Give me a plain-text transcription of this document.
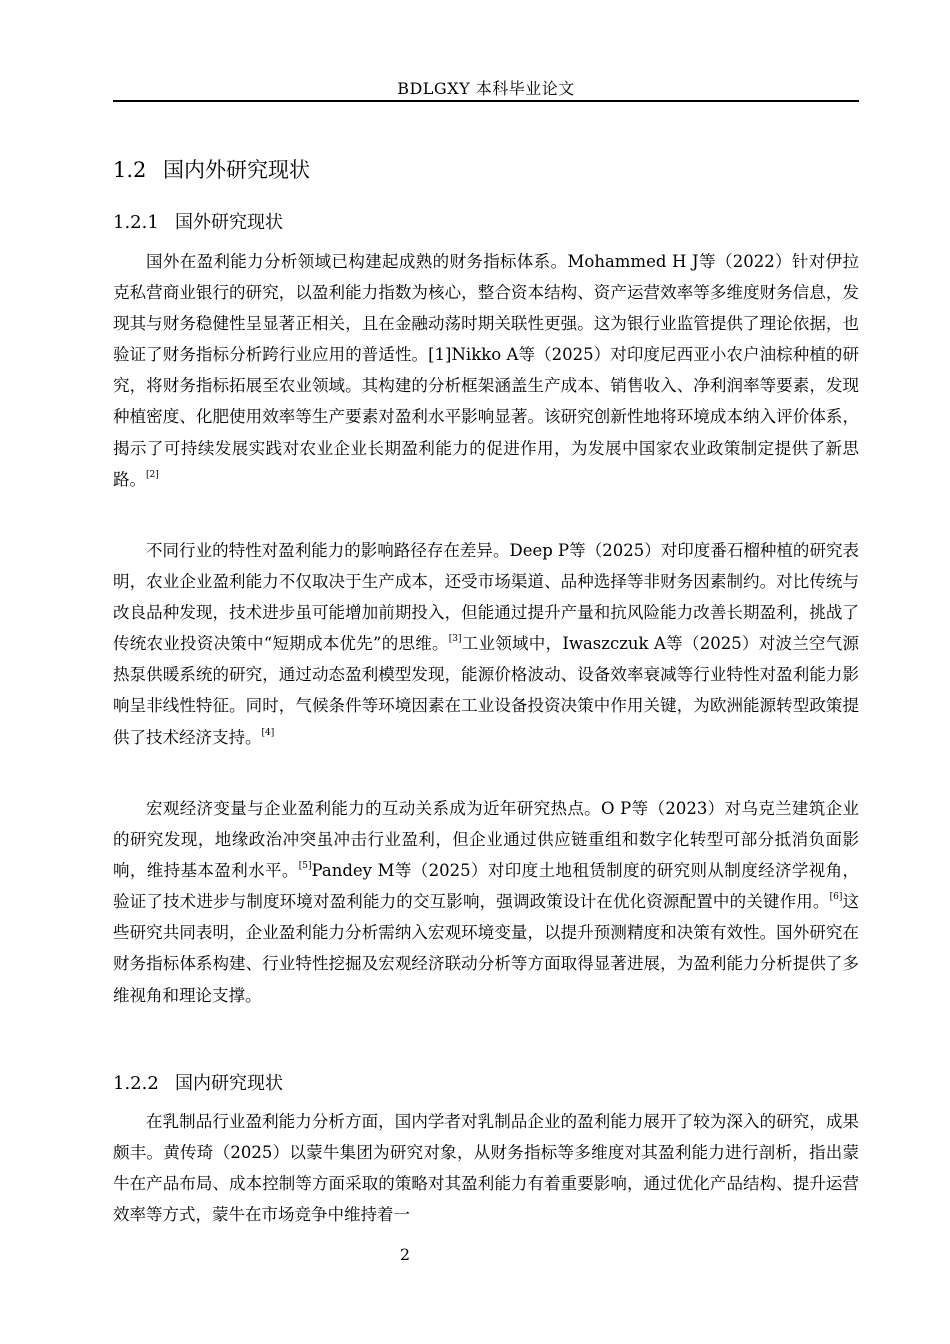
BDLGXY 本科毕业论文
1.2 国内外研究现状
1.2.1 国外研究现状

国外在盈利能力分析领域已构建起成熟的财务指标体系。Mohammed H J等（2022）针对伊拉克私营商业银行的研究，以盈利能力指数为核心，整合资本结构、资产运营效率等多维度财务信息，发现其与财务稳健性呈显著正相关，且在金融动荡时期关联性更强。这为银行业监管提供了理论依据，也验证了财务指标分析跨行业应用的普适性。[1]Nikko A等（2025）对印度尼西亚小农户油棕种植的研究，将财务指标拓展至农业领域。其构建的分析框架涵盖生产成本、销售收入、净利润率等要素，发现种植密度、化肥使用效率等生产要素对盈利水平影响显著。该研究创新性地将环境成本纳入评价体系，揭示了可持续发展实践对农业企业长期盈利能力的促进作用，为发展中国家农业政策制定提供了新思路。[2]

不同行业的特性对盈利能力的影响路径存在差异。Deep P等（2025）对印度番石榴种植的研究表明，农业企业盈利能力不仅取决于生产成本，还受市场渠道、品种选择等非财务因素制约。对比传统与改良品种发现，技术进步虽可能增加前期投入，但能通过提升产量和抗风险能力改善长期盈利，挑战了传统农业投资决策中“短期成本优先”的思维。[3]工业领域中，Iwaszczuk A等（2025）对波兰空气源热泵供暖系统的研究，通过动态盈利模型发现，能源价格波动、设备效率衰减等行业特性对盈利能力影响呈非线性特征。同时，气候条件等环境因素在工业设备投资决策中作用关键，为欧洲能源转型政策提供了技术经济支持。[4]

宏观经济变量与企业盈利能力的互动关系成为近年研究热点。O P等（2023）对乌克兰建筑企业的研究发现，地缘政治冲突虽冲击行业盈利，但企业通过供应链重组和数字化转型可部分抵消负面影响，维持基本盈利水平。[5]Pandey M等（2025）对印度土地租赁制度的研究则从制度经济学视角，验证了技术进步与制度环境对盈利能力的交互影响，强调政策设计在优化资源配置中的关键作用。[6]这些研究共同表明，企业盈利能力分析需纳入宏观环境变量，以提升预测精度和决策有效性。国外研究在财务指标体系构建、行业特性挖掘及宏观经济联动分析等方面取得显著进展，为盈利能力分析提供了多维视角和理论支撑。

1.2.2 国内研究现状

在乳制品行业盈利能力分析方面，国内学者对乳制品企业的盈利能力展开了较为深入的研究，成果颇丰。黄传琦（2025）以蒙牛集团为研究对象，从财务指标等多维度对其盈利能力进行剖析，指出蒙牛在产品布局、成本控制等方面采取的策略对其盈利能力有着重要影响，通过优化产品结构、提升运营效率等方式，蒙牛在市场竞争中维持着一

2
